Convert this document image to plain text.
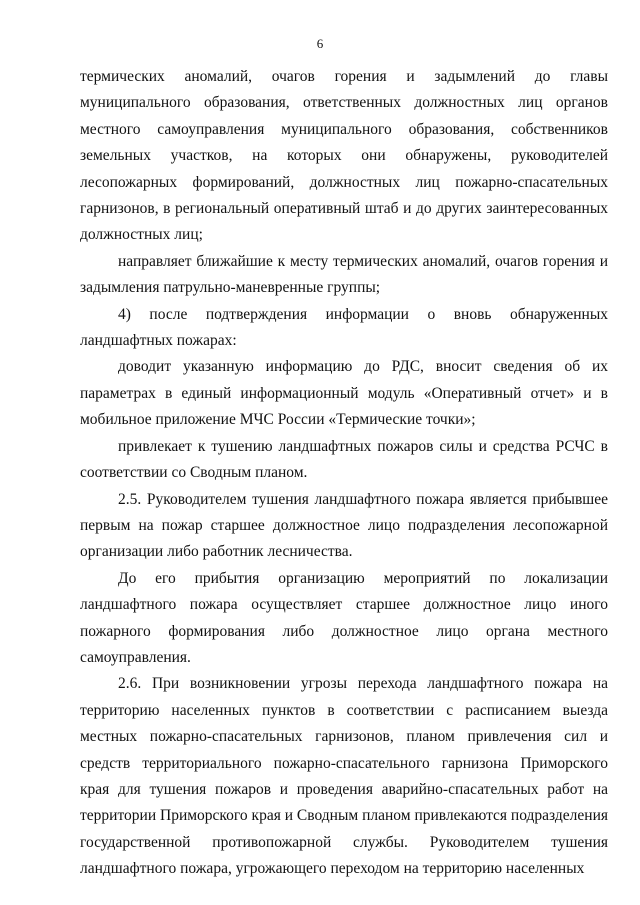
6

термических аномалий, очагов горения и задымлений до главы муниципального образования, ответственных должностных лиц органов местного самоуправления муниципального образования, собственников земельных участков, на которых они обнаружены, руководителей лесопожарных формирований, должностных лиц пожарно-спасательных гарнизонов, в региональный оперативный штаб и до других заинтересованных должностных лиц;

направляет ближайшие к месту термических аномалий, очагов горения и задымления патрульно-маневренные группы;

4) после подтверждения информации о вновь обнаруженных ландшафтных пожарах:

доводит указанную информацию до РДС, вносит сведения об их параметрах в единый информационный модуль «Оперативный отчет» и в мобильное приложение МЧС России «Термические точки»;

привлекает к тушению ландшафтных пожаров силы и средства РСЧС в соответствии со Сводным планом.

2.5. Руководителем тушения ландшафтного пожара является прибывшее первым на пожар старшее должностное лицо подразделения лесопожарной организации либо работник лесничества.

До его прибытия организацию мероприятий по локализации ландшафтного пожара осуществляет старшее должностное лицо иного пожарного формирования либо должностное лицо органа местного самоуправления.

2.6. При возникновении угрозы перехода ландшафтного пожара на территорию населенных пунктов в соответствии с расписанием выезда местных пожарно-спасательных гарнизонов, планом привлечения сил и средств территориального пожарно-спасательного гарнизона Приморского края для тушения пожаров и проведения аварийно-спасательных работ на территории Приморского края и Сводным планом привлекаются подразделения государственной противопожарной службы. Руководителем тушения ландшафтного пожара, угрожающего переходом на территорию населенных
